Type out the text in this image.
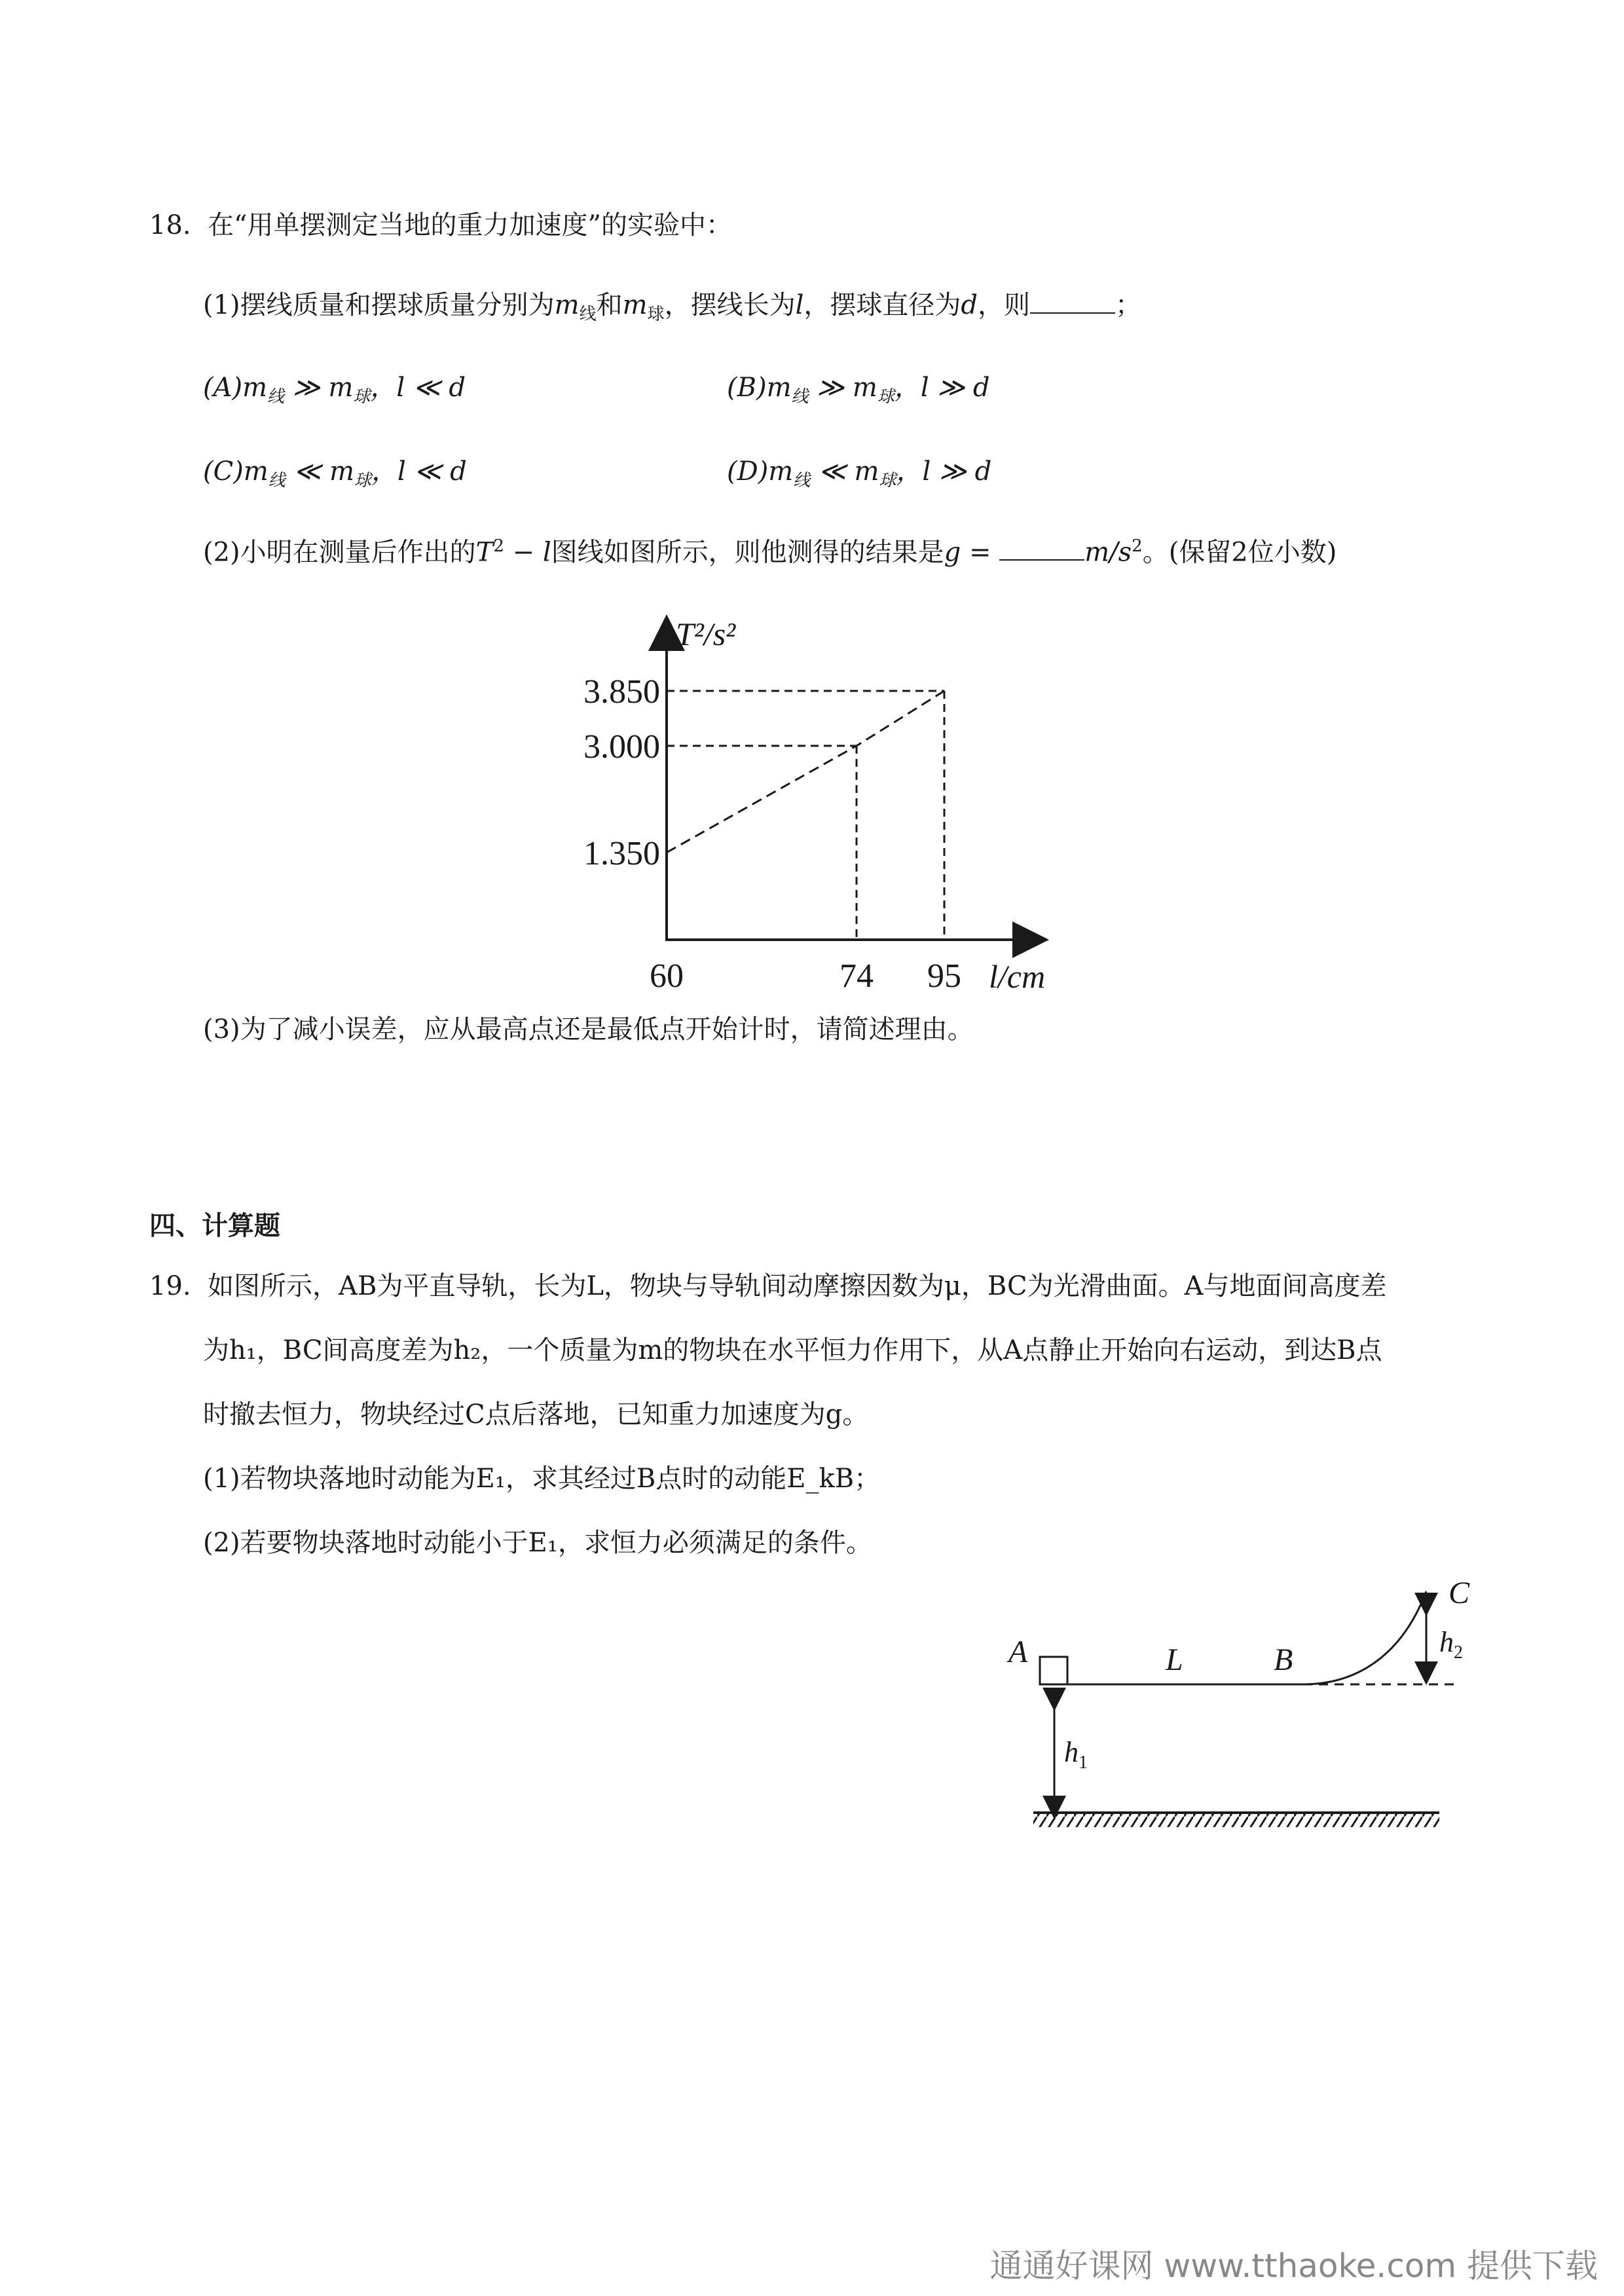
18. 在“用单摆测定当地的重力加速度”的实验中：
(1)摆线质量和摆球质量分别为$m_线$和$m_球$，摆线长为l，摆球直径为d，则	；
$(A)m_线$ ≫ $m_球$，l ≪ d	$(B)m_线$ ≫ $m_球$，l ≫ d
$(C)m_线$ ≪ $m_球$，l ≪ d	$(D)m_线$ ≪ $m_球$，l ≫ d
(2)小明在测量后作出的$T^2 - l$图线如图所示，则他测得的结果是g =	$m/s^2$。(保留2位小数)
T²/s²
l/cm
1.350
3.000
3.850
60	74 95
(3)为了减小误差，应从最高点还是最低点开始计时，请简述理由。
四、计算题
19. 如图所示，AB为平直导轨，长为L，物块与导轨间动摩擦因数为μ，BC为光滑曲面。A与地面间高度差
为h₁，BC间高度差为h₂，一个质量为m的物块在水平恒力作用下，从A点静止开始向右运动，到达B点
时撤去恒力，物块经过C点后落地，已知重力加速度为g。
(1)若物块落地时动能为E₁，求其经过B点时的动能E_kB；
(2)若要物块落地时动能小于E₁，求恒力必须满足的条件。
A	L	B
C
$h_1$
$h_2$
通通好课网 www.tthaoke.com 提供下载
